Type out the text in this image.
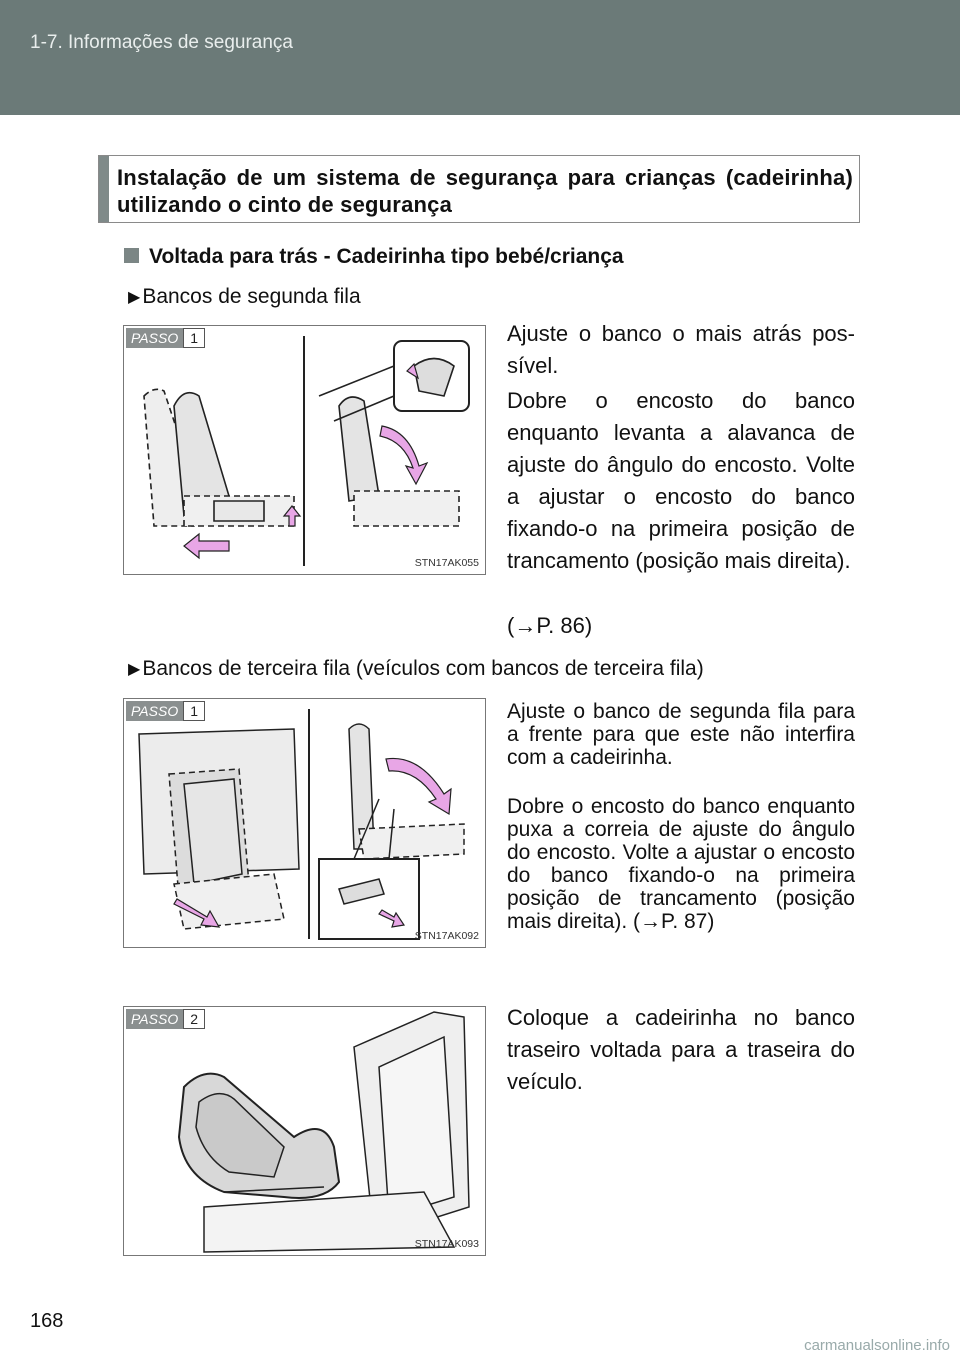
1-7. Informações de segurança
Instalação de um sistema de segurança para crianças (cadeirinha) utilizando o cinto de segurança
Voltada para trás - Cadeirinha tipo bebé/criança
▶Bancos de segunda fila
PASSO 1
STN17AK055
Ajuste o banco o mais atrás pos-sível.
Dobre o encosto do banco enquanto levanta a alavanca de ajuste do ângulo do encosto. Volte a ajustar o encosto do banco fixando-o na primeira posição de trancamento (posição mais direita).
(→P. 86)
▶Bancos de terceira fila (veículos com bancos de terceira fila)
PASSO 1
STN17AK092
Ajuste o banco de segunda fila para a frente para que este não interfira com a cadeirinha.
Dobre o encosto do banco enquanto puxa a correia de ajuste do ângulo do encosto. Volte a ajustar o encosto do banco fixando-o na primeira posição de trancamento (posição mais direita). (→P. 87)
PASSO 2
STN17AK093
Coloque a cadeirinha no banco traseiro voltada para a traseira do veículo.
168
carmanualsonline.info
